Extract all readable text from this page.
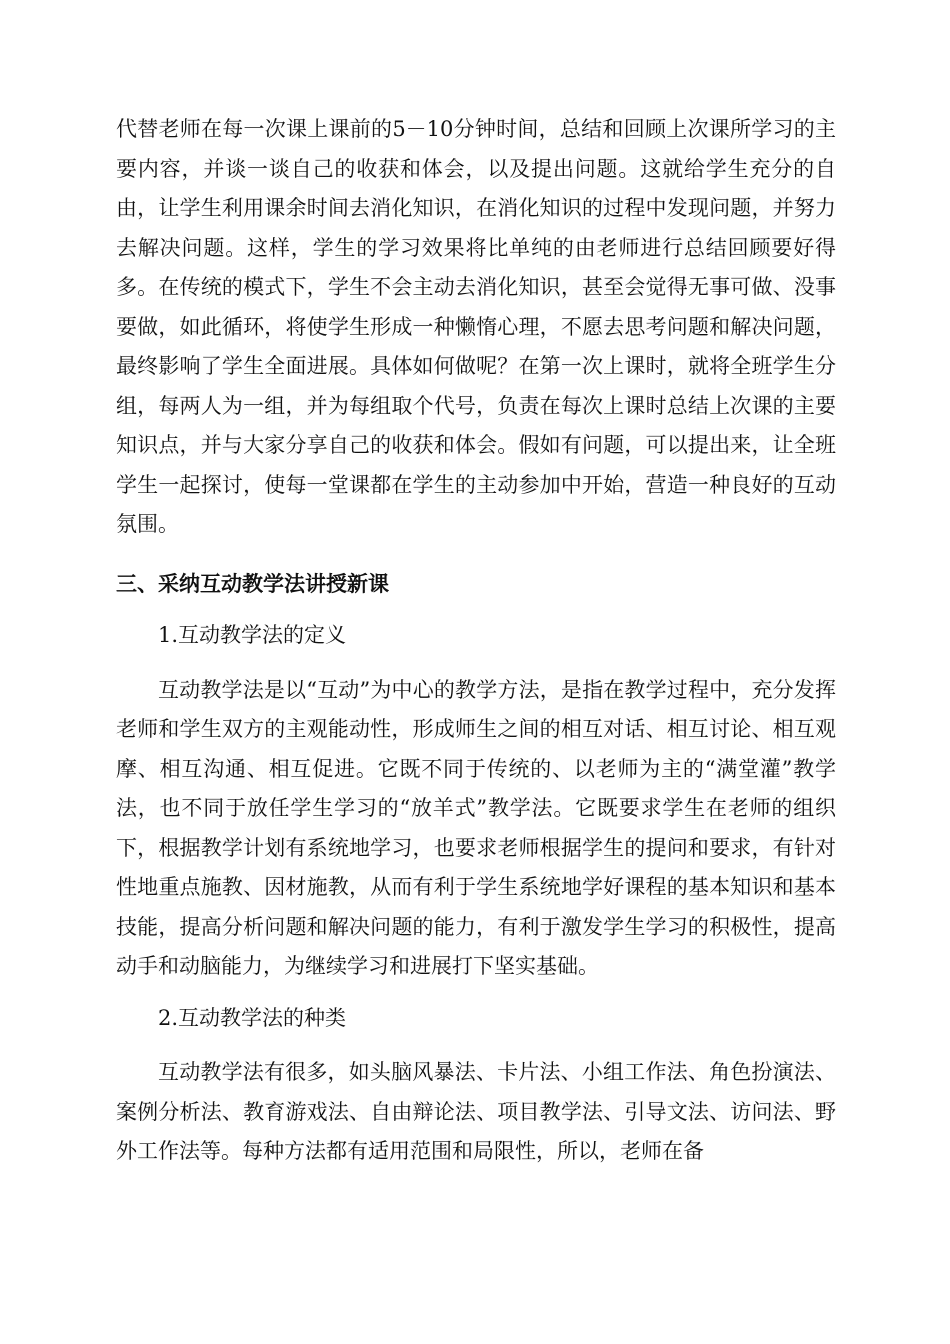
代替老师在每一次课上课前的5－10分钟时间，总结和回顾上次课所学习的主要内容，并谈一谈自己的收获和体会，以及提出问题。这就给学生充分的自由，让学生利用课余时间去消化知识，在消化知识的过程中发现问题，并努力去解决问题。这样，学生的学习效果将比单纯的由老师进行总结回顾要好得多。在传统的模式下，学生不会主动去消化知识，甚至会觉得无事可做、没事要做，如此循环，将使学生形成一种懒惰心理，不愿去思考问题和解决问题，最终影响了学生全面进展。具体如何做呢？在第一次上课时，就将全班学生分组，每两人为一组，并为每组取个代号，负责在每次上课时总结上次课的主要知识点，并与大家分享自己的收获和体会。假如有问题，可以提出来，让全班学生一起探讨，使每一堂课都在学生的主动参加中开始，营造一种良好的互动氛围。

三、采纳互动教学法讲授新课

1.互动教学法的定义

互动教学法是以“互动”为中心的教学方法，是指在教学过程中，充分发挥老师和学生双方的主观能动性，形成师生之间的相互对话、相互讨论、相互观摩、相互沟通、相互促进。它既不同于传统的、以老师为主的“满堂灌”教学法，也不同于放任学生学习的“放羊式”教学法。它既要求学生在老师的组织下，根据教学计划有系统地学习，也要求老师根据学生的提问和要求，有针对性地重点施教、因材施教，从而有利于学生系统地学好课程的基本知识和基本技能，提高分析问题和解决问题的能力，有利于激发学生学习的积极性，提高动手和动脑能力，为继续学习和进展打下坚实基础。

2.互动教学法的种类

互动教学法有很多，如头脑风暴法、卡片法、小组工作法、角色扮演法、案例分析法、教育游戏法、自由辩论法、项目教学法、引导文法、访问法、野外工作法等。每种方法都有适用范围和局限性，所以，老师在备
